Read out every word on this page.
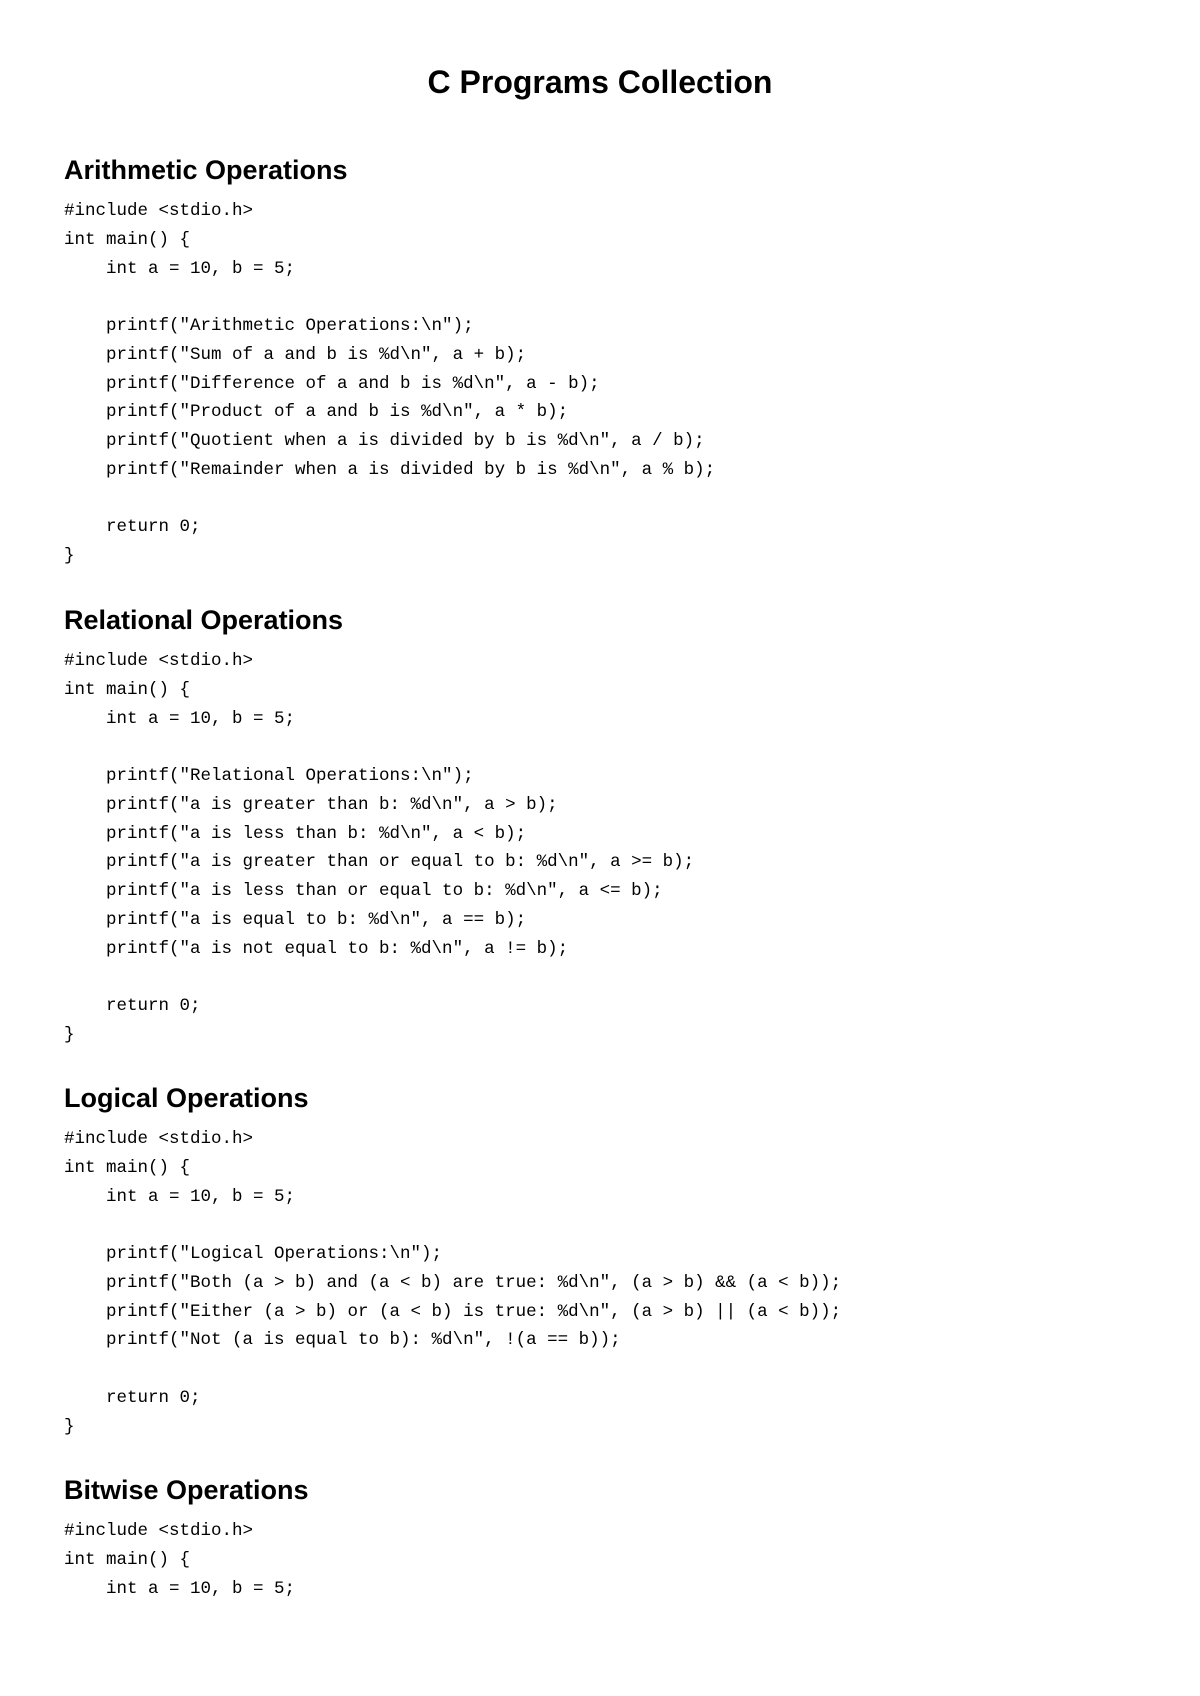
C Programs Collection
Arithmetic Operations
#include <stdio.h>
int main() {
int a = 10, b = 5;

printf("Arithmetic Operations:\n");
printf("Sum of a and b is %d\n", a + b);
printf("Difference of a and b is %d\n", a - b);
printf("Product of a and b is %d\n", a * b);
printf("Quotient when a is divided by b is %d\n", a / b);
printf("Remainder when a is divided by b is %d\n", a % b);

return 0;
}
Relational Operations
#include <stdio.h>
int main() {
int a = 10, b = 5;

printf("Relational Operations:\n");
printf("a is greater than b: %d\n", a > b);
printf("a is less than b: %d\n", a < b);
printf("a is greater than or equal to b: %d\n", a >= b);
printf("a is less than or equal to b: %d\n", a <= b);
printf("a is equal to b: %d\n", a == b);
printf("a is not equal to b: %d\n", a != b);

return 0;
}
Logical Operations
#include <stdio.h>
int main() {
int a = 10, b = 5;

printf("Logical Operations:\n");
printf("Both (a > b) and (a < b) are true: %d\n", (a > b) && (a < b));
printf("Either (a > b) or (a < b) is true: %d\n", (a > b) || (a < b));
printf("Not (a is equal to b): %d\n", !(a == b));

return 0;
}
Bitwise Operations
#include <stdio.h>
int main() {
int a = 10, b = 5;
